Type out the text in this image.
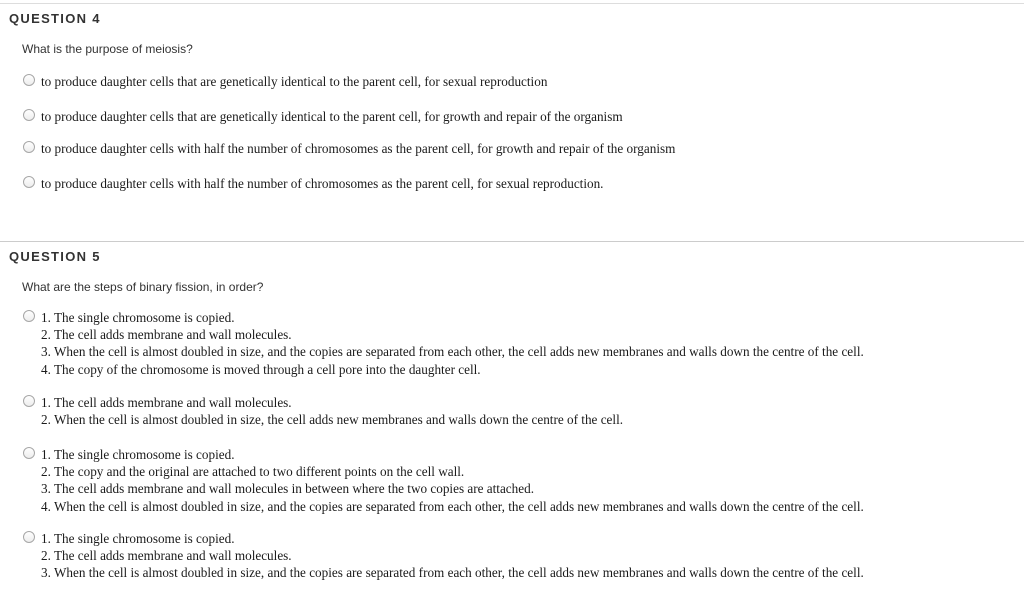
QUESTION 4
What is the purpose of meiosis?
to produce daughter cells that are genetically identical to the parent cell, for sexual reproduction
to produce daughter cells that are genetically identical to the parent cell, for growth and repair of the organism
to produce daughter cells with half the number of chromosomes as the parent cell, for growth and repair of the organism
to produce daughter cells with half the number of chromosomes as the parent cell, for sexual reproduction.
QUESTION 5
What are the steps of binary fission, in order?
1. The single chromosome is copied.
2. The cell adds membrane and wall molecules.
3. When the cell is almost doubled in size, and the copies are separated from each other, the cell adds new membranes and walls down the centre of the cell.
4. The copy of the chromosome is moved through a cell pore into the daughter cell.
1. The cell adds membrane and wall molecules.
2. When the cell is almost doubled in size, the cell adds new membranes and walls down the centre of the cell.
1. The single chromosome is copied.
2. The copy and the original are attached to two different points on the cell wall.
3. The cell adds membrane and wall molecules in between where the two copies are attached.
4. When the cell is almost doubled in size, and the copies are separated from each other, the cell adds new membranes and walls down the centre of the cell.
1. The single chromosome is copied.
2. The cell adds membrane and wall molecules.
3. When the cell is almost doubled in size, and the copies are separated from each other, the cell adds new membranes and walls down the centre of the cell.
